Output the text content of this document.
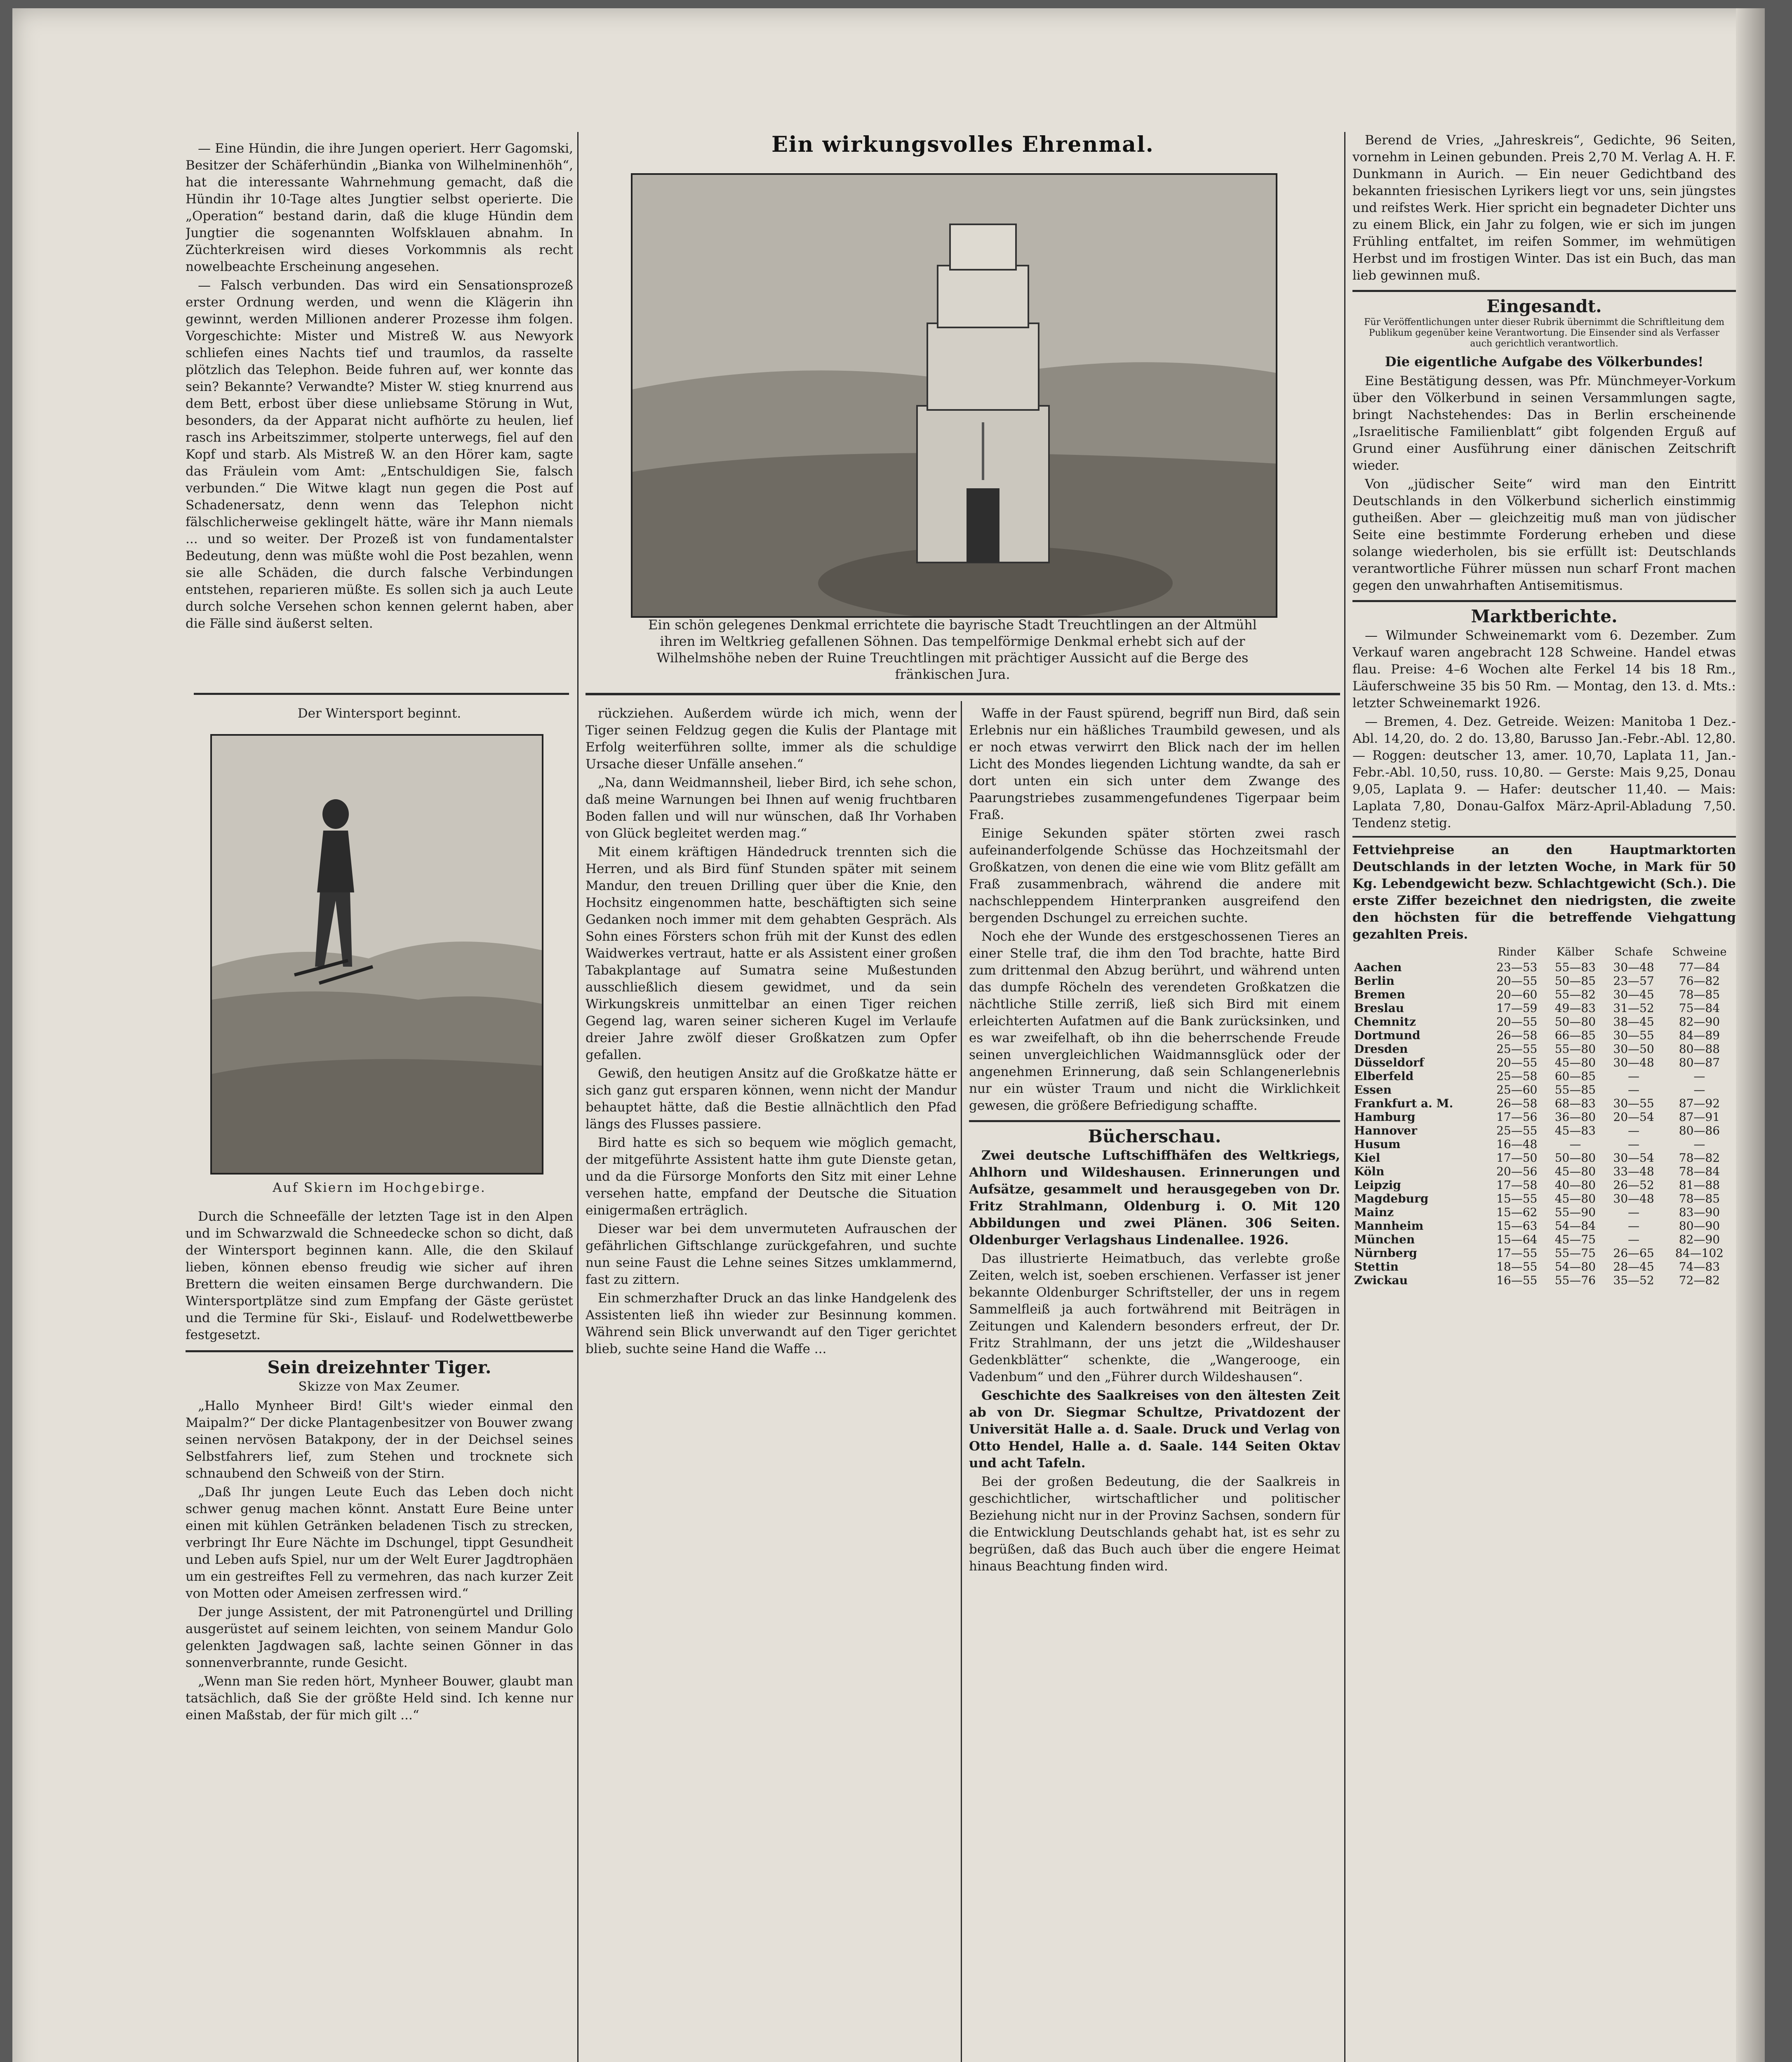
— Eine Hündin, die ihre Jungen operiert. Herr Gagomski, Besitzer der Schäferhündin „Bianka von Wilhelminenhöh“, hat die interessante Wahrnehmung gemacht, daß die Hündin ihr 10-Tage altes Jungtier selbst operierte. Die „Operation“ bestand darin, daß die kluge Hündin dem Jungtier die sogenannten Wolfsklauen abnahm. In Züchterkreisen wird dieses Vorkommnis als recht nowelbeachte Erscheinung angesehen.

— Falsch verbunden. Das wird ein Sensationsprozeß erster Ordnung werden, und wenn die Klägerin ihn gewinnt, werden Millionen anderer Prozesse ihm folgen. Vorgeschichte: Mister und Mistreß W. aus Newyork schliefen eines Nachts tief und traumlos, da rasselte plötzlich das Telephon. Beide fuhren auf, wer konnte das sein? Bekannte? Verwandte? Mister W. stieg knurrend aus dem Bett, erbost über diese unliebsame Störung in Wut, besonders, da der Apparat nicht aufhörte zu heulen, lief rasch ins Arbeitszimmer, stolperte unterwegs, fiel auf den Kopf und starb. Als Mistreß W. an den Hörer kam, sagte das Fräulein vom Amt: „Entschuldigen Sie, falsch verbunden.“ Die Witwe klagt nun gegen die Post auf Schadenersatz, denn wenn das Telephon nicht fälschlicherweise geklingelt hätte, wäre ihr Mann niemals ... und so weiter. Der Prozeß ist von fundamentalster Bedeutung, denn was müßte wohl die Post bezahlen, wenn sie alle Schäden, die durch falsche Verbindungen entstehen, reparieren müßte. Es sollen sich ja auch Leute durch solche Versehen schon kennen gelernt haben, aber die Fälle sind äußerst selten.

Der Wintersport beginnt.
Auf Skiern im Hochgebirge.

Durch die Schneefälle der letzten Tage ist in den Alpen und im Schwarzwald die Schneedecke schon so dicht, daß der Wintersport beginnen kann. Alle, die den Skilauf lieben, können ebenso freudig wie sicher auf ihren Brettern die weiten einsamen Berge durchwandern. Die Wintersportplätze sind zum Empfang der Gäste gerüstet und die Termine für Ski-, Eislauf- und Rodelwettbewerbe festgesetzt.

Sein dreizehnter Tiger.
Skizze von Max Zeumer.

„Hallo Mynheer Bird! Gilt's wieder einmal den Maipalm?“ Der dicke Plantagenbesitzer von Bouwer zwang seinen nervösen Batakpony, der in der Deichsel seines Selbstfahrers lief, zum Stehen und trocknete sich schnaubend den Schweiß von der Stirn.

„Daß Ihr jungen Leute Euch das Leben doch nicht schwer genug machen könnt. Anstatt Eure Beine unter einen mit kühlen Getränken beladenen Tisch zu strecken, verbringt Ihr Eure Nächte im Dschungel, tippt Gesundheit und Leben aufs Spiel, nur um der Welt Eurer Jagdtrophäen um ein gestreiftes Fell zu vermehren, das nach kurzer Zeit von Motten oder Ameisen zerfressen wird.“

Der junge Assistent, der mit Patronengürtel und Drilling ausgerüstet auf seinem leichten, von seinem Mandur Golo gelenkten Jagdwagen saß, lachte seinen Gönner in das sonnenverbrannte, runde Gesicht.

„Wenn man Sie reden hört, Mynheer Bouwer, glaubt man tatsächlich, daß Sie der größte Held sind. Ich kenne nur einen Maßstab, der für mich gilt ...“

Ein wirkungsvolles Ehrenmal.
Ein schön gelegenes Denkmal errichtete die bayrische Stadt Treuchtlingen an der Altmühl ihren im Weltkrieg gefallenen Söhnen. Das tempelförmige Denkmal erhebt sich auf der Wilhelmshöhe neben der Ruine Treuchtlingen mit prächtiger Aussicht auf die Berge des fränkischen Jura.

rückziehen. Außerdem würde ich mich, wenn der Tiger seinen Feldzug gegen die Kulis der Plantage mit Erfolg weiterführen sollte, immer als die schuldige Ursache dieser Unfälle ansehen.“

„Na, dann Weidmannsheil, lieber Bird, ich sehe schon, daß meine Warnungen bei Ihnen auf wenig fruchtbaren Boden fallen und will nur wünschen, daß Ihr Vorhaben von Glück begleitet werden mag.“

Mit einem kräftigen Händedruck trennten sich die Herren, und als Bird fünf Stunden später mit seinem Mandur, den treuen Drilling quer über die Knie, den Hochsitz eingenommen hatte, beschäftigten sich seine Gedanken noch immer mit dem gehabten Gespräch. Als Sohn eines Försters schon früh mit der Kunst des edlen Waidwerkes vertraut, hatte er als Assistent einer großen Tabakplantage auf Sumatra seine Mußestunden ausschließlich diesem gewidmet, und da sein Wirkungskreis unmittelbar an einen Tiger reichen Gegend lag, waren seiner sicheren Kugel im Verlaufe dreier Jahre zwölf dieser Großkatzen zum Opfer gefallen.

Gewiß, den heutigen Ansitz auf die Großkatze hätte er sich ganz gut ersparen können, wenn nicht der Mandur behauptet hätte, daß die Bestie allnächtlich den Pfad längs des Flusses passiere.

Bird hatte es sich so bequem wie möglich gemacht, der mitgeführte Assistent hatte ihm gute Dienste getan, und da die Fürsorge Monforts den Sitz mit einer Lehne versehen hatte, empfand der Deutsche die Situation einigermaßen erträglich.

Dieser war bei dem unvermuteten Aufrauschen der gefährlichen Giftschlange zurückgefahren, und suchte nun seine Faust die Lehne seines Sitzes umklammernd, fast zu zittern.

Ein schmerzhafter Druck an das linke Handgelenk des Assistenten ließ ihn wieder zur Besinnung kommen. Während sein Blick unverwandt auf den Tiger gerichtet blieb, suchte seine Hand die Waffe ...

Waffe in der Faust spürend, begriff nun Bird, daß sein Erlebnis nur ein häßliches Traumbild gewesen, und als er noch etwas verwirrt den Blick nach der im hellen Licht des Mondes liegenden Lichtung wandte, da sah er dort unten ein sich unter dem Zwange des Paarungstriebes zusammengefundenes Tigerpaar beim Fraß.

Einige Sekunden später störten zwei rasch aufeinanderfolgende Schüsse das Hochzeitsmahl der Großkatzen, von denen die eine wie vom Blitz gefällt am Fraß zusammenbrach, während die andere mit nachschleppendem Hinterpranken ausgreifend den bergenden Dschungel zu erreichen suchte.

Noch ehe der Wunde des erstgeschossenen Tieres an einer Stelle traf, die ihm den Tod brachte, hatte Bird zum drittenmal den Abzug berührt, und während unten das dumpfe Röcheln des verendeten Großkatzen die nächtliche Stille zerriß, ließ sich Bird mit einem erleichterten Aufatmen auf die Bank zurücksinken, und es war zweifelhaft, ob ihn die beherrschende Freude seinen unvergleichlichen Waidmannsglück oder der angenehmen Erinnerung, daß sein Schlangenerlebnis nur ein wüster Traum und nicht die Wirklichkeit gewesen, die größere Befriedigung schaffte.

Bücherschau.

Zwei deutsche Luftschiffhäfen des Weltkriegs, Ahlhorn und Wildeshausen. Erinnerungen und Aufsätze, gesammelt und herausgegeben von Dr. Fritz Strahlmann, Oldenburg i. O. Mit 120 Abbildungen und zwei Plänen. 306 Seiten. Oldenburger Verlagshaus Lindenallee. 1926.

Das illustrierte Heimatbuch, das verlebte große Zeiten, welch ist, soeben erschienen. Verfasser ist jener bekannte Oldenburger Schriftsteller, der uns in regem Sammelfleiß ja auch fortwährend mit Beiträgen in Zeitungen und Kalendern besonders erfreut, der Dr. Fritz Strahlmann, der uns jetzt die „Wildeshauser Gedenkblätter“ schenkte, die „Wangerooge, ein Vadenbum“ und den „Führer durch Wildeshausen“.

Geschichte des Saalkreises von den ältesten Zeit ab von Dr. Siegmar Schultze, Privatdozent der Universität Halle a. d. Saale. Druck und Verlag von Otto Hendel, Halle a. d. Saale. 144 Seiten Oktav und acht Tafeln.

Bei der großen Bedeutung, die der Saalkreis in geschichtlicher, wirtschaftlicher und politischer Beziehung nicht nur in der Provinz Sachsen, sondern für die Entwicklung Deutschlands gehabt hat, ist es sehr zu begrüßen, daß das Buch auch über die engere Heimat hinaus Beachtung finden wird.

Berend de Vries, „Jahreskreis“, Gedichte, 96 Seiten, vornehm in Leinen gebunden. Preis 2,70 M. Verlag A. H. F. Dunkmann in Aurich. — Ein neuer Gedichtband des bekannten friesischen Lyrikers liegt vor uns, sein jüngstes und reifstes Werk. Hier spricht ein begnadeter Dichter uns zu einem Blick, ein Jahr zu folgen, wie er sich im jungen Frühling entfaltet, im reifen Sommer, im wehmütigen Herbst und im frostigen Winter. Das ist ein Buch, das man lieb gewinnen muß.

Eingesandt.
Für Veröffentlichungen unter dieser Rubrik übernimmt die Schriftleitung dem Publikum gegenüber keine Verantwortung. Die Einsender sind als Verfasser auch gerichtlich verantwortlich.
Die eigentliche Aufgabe des Völkerbundes!

Eine Bestätigung dessen, was Pfr. Münchmeyer-Vorkum über den Völkerbund in seinen Versammlungen sagte, bringt Nachstehendes: Das in Berlin erscheinende „Israelitische Familienblatt“ gibt folgenden Erguß auf Grund einer Ausführung einer dänischen Zeitschrift wieder.

Von „jüdischer Seite“ wird man den Eintritt Deutschlands in den Völkerbund sicherlich einstimmig gutheißen. Aber — gleichzeitig muß man von jüdischer Seite eine bestimmte Forderung erheben und diese solange wiederholen, bis sie erfüllt ist: Deutschlands verantwortliche Führer müssen nun scharf Front machen gegen den unwahrhaften Antisemitismus.

Marktberichte.

— Wilmunder Schweinemarkt vom 6. Dezember. Zum Verkauf waren angebracht 128 Schweine. Handel etwas flau. Preise: 4–6 Wochen alte Ferkel 14 bis 18 Rm., Läuferschweine 35 bis 50 Rm. — Montag, den 13. d. Mts.: letzter Schweinemarkt 1926.

— Bremen, 4. Dez. Getreide. Weizen: Manitoba 1 Dez.-Abl. 14,20, do. 2 do. 13,80, Barusso Jan.-Febr.-Abl. 12,80. — Roggen: deutscher 13, amer. 10,70, Laplata 11, Jan.-Febr.-Abl. 10,50, russ. 10,80. — Gerste: Mais 9,25, Donau 9,05, Laplata 9. — Hafer: deutscher 11,40. — Mais: Laplata 7,80, Donau-Galfox März-April-Abladung 7,50. Tendenz stetig.

Fettviehpreise an den Hauptmarktorten Deutschlands in der letzten Woche, in Mark für 50 Kg. Lebendgewicht bezw. Schlachtgewicht (Sch.). Die erste Ziffer bezeichnet den niedrigsten, die zweite den höchsten für die betreffende Viehgattung gezahlten Preis.

	Rinder	Kälber	Schafe	Schweine
Aachen	23—53	55—83	30—48	77—84
Berlin	20—55	50—85	23—57	76—82
Bremen	20—60	55—82	30—45	78—85
Breslau	17—59	49—83	31—52	75—84
Chemnitz	20—55	50—80	38—45	82—90
Dortmund	26—58	66—85	30—55	84—89
Dresden	25—55	55—80	30—50	80—88
Düsseldorf	20—55	45—80	30—48	80—87
Elberfeld	25—58	60—85	—	—
Essen	25—60	55—85	—	—
Frankfurt a. M.	26—58	68—83	30—55	87—92
Hamburg	17—56	36—80	20—54	87—91
Hannover	25—55	45—83	—	80—86
Husum	16—48	—	—	—
Kiel	17—50	50—80	30—54	78—82
Köln	20—56	45—80	33—48	78—84
Leipzig	17—58	40—80	26—52	81—88
Magdeburg	15—55	45—80	30—48	78—85
Mainz	15—62	55—90	—	83—90
Mannheim	15—63	54—84	—	80—90
München	15—64	45—75	—	82—90
Nürnberg	17—55	55—75	26—65	84—102
Stettin	18—55	54—80	28—45	74—83
Zwickau	16—55	55—76	35—52	72—82
